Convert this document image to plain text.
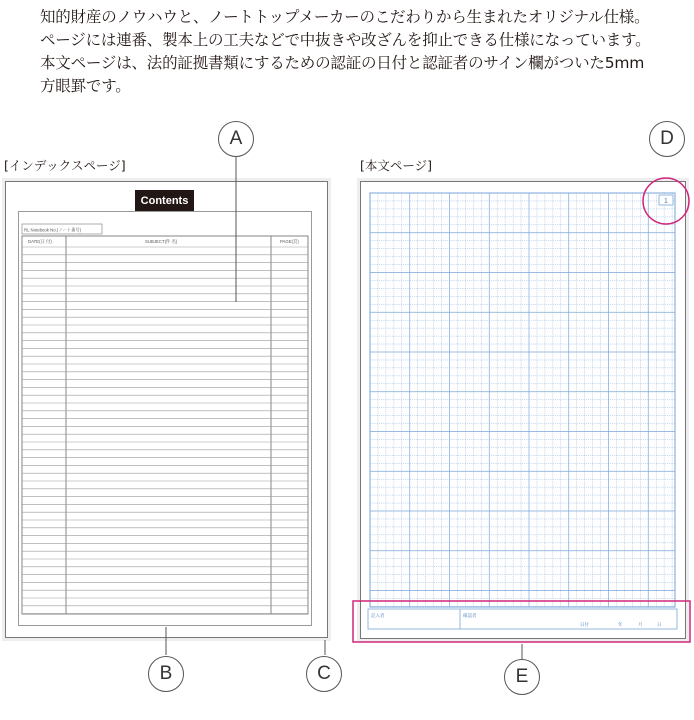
知的財産のノウハウと、ノートトップメーカーのこだわりから生まれたオリジナル仕様。
ページには連番、製本上の工夫などで中抜きや改ざんを抑止できる仕様になっています。
本文ページは、法的証拠書類にするための認証の日付と認証者のサイン欄がついた5mm
方眼罫です。
[インデックスページ]	[本文ページ]
Contents
RL Notebook No.(ノート番号)
DATE(日 付)	SUBJECT(件 名)	PAGE(頁)
1
記入者	確認者
日付	年	月	日
A
B	C
D
E
